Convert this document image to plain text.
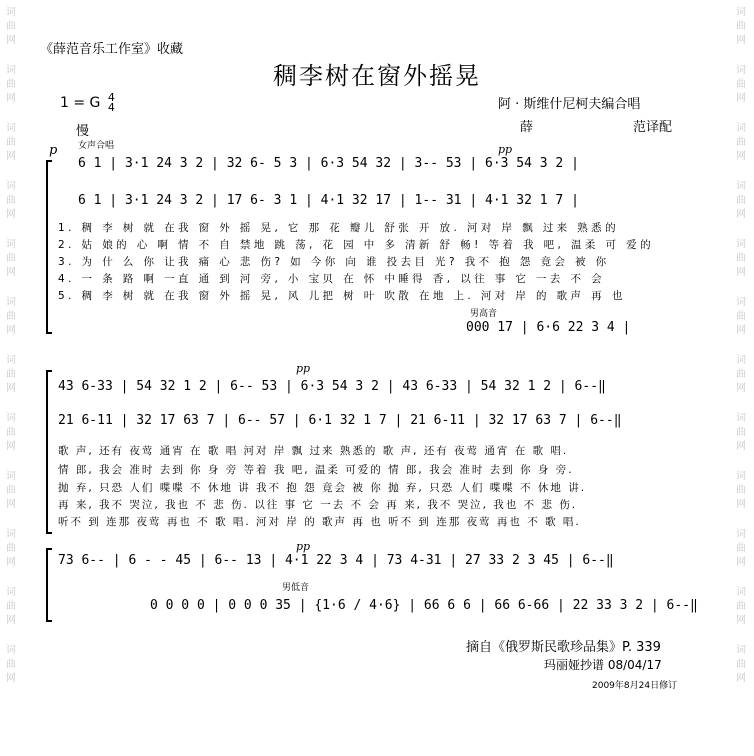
词曲网
词曲网
词曲网
词曲网
词曲网
词曲网
词曲网
词曲网
词曲网
词曲网
词曲网
词曲网
词曲网
词曲网
词曲网
词曲网
词曲网
词曲网
词曲网
词曲网
词曲网
词曲网
词曲网
词曲网
《薛范音乐工作室》收藏
稠李树在窗外摇晃
1 = G 4
4	阿 · 斯维什尼柯夫编合唱
薛	范译配
慢
女声合唱
p	pp
6 1 | 3·1 24 3 2 | 32 6- 5 3 | 6·3 54 32 | 3-- 53 | 6·3 54 3 2 |
6 1 | 3·1 24 3 2 | 17 6- 3 1 | 4·1 32 17 | 1-- 31 | 4·1 32 1 7 |
1. 稠 李 树 就 在我 窗 外 摇 晃, 它 那 花 瓣儿 舒张 开 放. 河对 岸 飘 过来 熟悉的
2. 姑 娘的 心 啊 情 不 自 禁地 跳 荡, 花 园 中 多 清新 舒 畅! 等着 我 吧, 温柔 可 爱的
3. 为 什 么 你 让我 痛 心 悲 伤? 如 今你 向 谁 投去目 光? 我不 抱 怨 竟会 被 你
4. 一 条 路 啊 一直 通 到 河 旁, 小 宝贝 在 怀 中睡得 香, 以往 事 它 一去 不 会
5. 稠 李 树 就 在我 窗 外 摇 晃, 风 儿把 树 叶 吹散 在地 上. 河对 岸 的 歌声 再 也
男高音
000 17 | 6·6 22 3 4 |
pp
43 6-33 | 54 32 1 2 | 6-- 53 | 6·3 54 3 2 | 43 6-33 | 54 32 1 2 | 6--‖
21 6-11 | 32 17 63 7 | 6-- 57 | 6·1 32 1 7 | 21 6-11 | 32 17 63 7 | 6--‖
歌 声, 还有 夜莺 通宵 在 歌 唱 河对 岸 飘 过来 熟悉的 歌 声, 还有 夜莺 通宵 在 歌 唱.
情 郎, 我会 准时 去到 你 身 旁 等着 我 吧, 温柔 可爱的 情 郎, 我会 准时 去到 你 身 旁.
抛 弃, 只恐 人们 喋喋 不 休地 讲 我不 抱 怨 竟会 被 你 抛 弃, 只恐 人们 喋喋 不 休地 讲.
再 来, 我不 哭泣, 我也 不 悲 伤. 以往 事 它 一去 不 会 再 来, 我不 哭泣, 我也 不 悲 伤.
听不 到 连那 夜莺 再也 不 歌 唱. 河对 岸 的 歌声 再 也 听不 到 连那 夜莺 再也 不 歌 唱.
pp
73 6-- | 6 - - 45 | 6-- 13 | 4·1 22 3 4 | 73 4-31 | 27 33 2 3 45 | 6--‖
男低音
0 0 0 0 | 0 0 0 35 | {1·6 / 4·6} | 66 6 6 | 66 6-66 | 22 33 3 2 | 6--‖
摘自《俄罗斯民歌珍品集》P. 339
玛丽娅抄谱 08/04/17
2009年8月24日修订
